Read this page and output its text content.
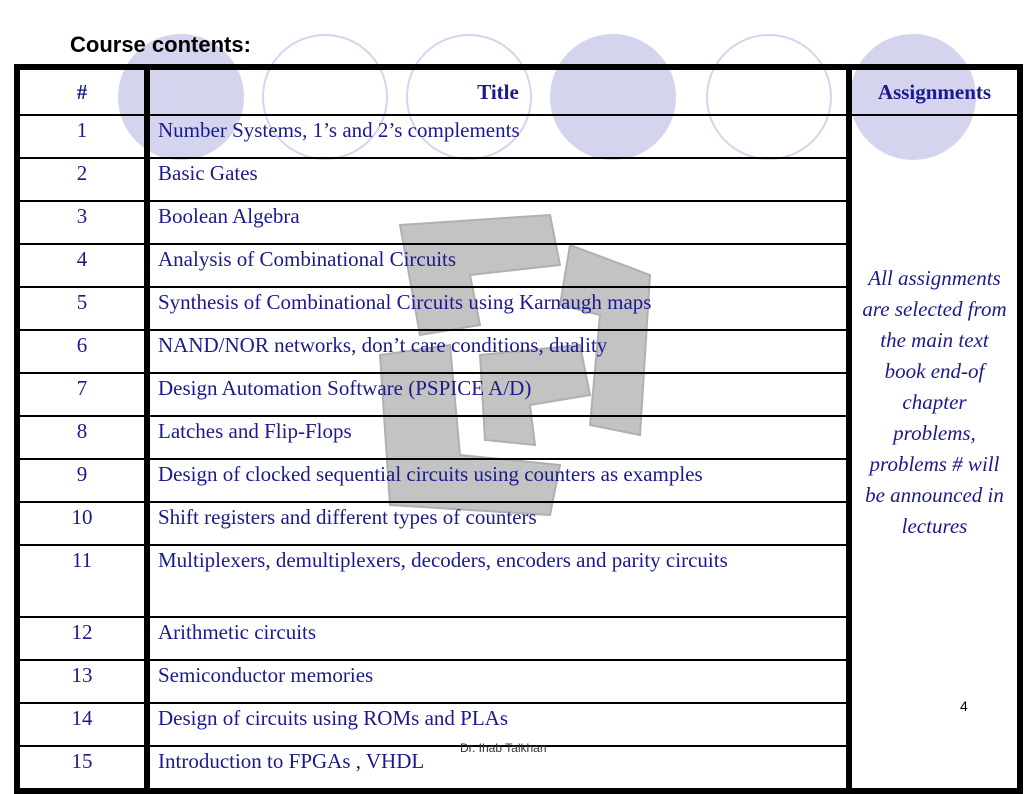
Course contents:
#	Title	Assignments
1	Number Systems, 1’s and 2’s complements	All assignments are selected from the main text book end-of chapter problems, problems # will be announced in lectures
2	Basic Gates	
3	Boolean Algebra	
4	Analysis of Combinational Circuits	
5	Synthesis of Combinational Circuits using Karnaugh maps	
6	NAND/NOR networks, don’t care conditions, duality	
7	Design Automation Software (PSPICE A/D)	
8	Latches and Flip-Flops	
9	Design of clocked sequential circuits using counters as examples	
10	Shift registers and different types of counters	
11	Multiplexers, demultiplexers, decoders, encoders and parity circuits	
12	Arithmetic circuits	
13	Semiconductor memories	
14	Design of circuits using ROMs and PLAs	
15	Introduction to FPGAs , VHDL	
4
Dr. Ihab Talkhan
